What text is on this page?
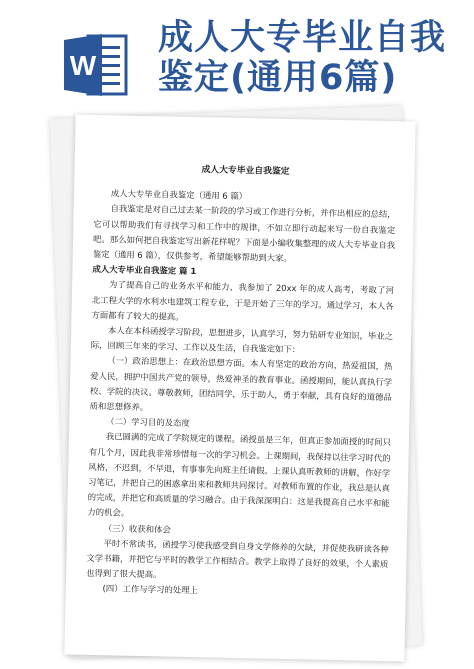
W
成人大专毕业自我
鉴定(通用6篇)
成人大专毕业自我鉴定

成人大专毕业自我鉴定（通用 6 篇）

自我鉴定是对自己过去某一阶段的学习或工作进行分析，并作出相应的总结，它可以帮助我们有寻找学习和工作中的规律，不如立即行动起来写一份自我鉴定吧。那么如何把自我鉴定写出新花样呢？下面是小编收集整理的成人大专毕业自我鉴定（通用 6 篇），仅供参考，希望能够帮助到大家。

成人大专毕业自我鉴定 篇 1

为了提高自己的业务水平和能力，我参加了 20xx 年的成人高考，考取了河北工程大学的水利水电建筑工程专业，于是开始了三年的学习。通过学习，本人各方面都有了较大的提高。

本人在本科函授学习阶段，思想进步，认真学习，努力钻研专业知识，毕业之际，回顾三年来的学习、工作以及生活，自我鉴定如下：

（一）政治思想上：在政治思想方面。本人有坚定的政治方向，热爱祖国，热爱人民，拥护中国共产党的领导，热爱神圣的教育事业。函授期间，能认真执行学校、学院的决议。尊敬教师，团结同学，乐于助人，勇于奉献，具有良好的道德品质和思想修养。

（二）学习目的及态度

我已圆满的完成了学院规定的课程。函授虽是三年，但真正参加面授的时间只有几个月，因此我非常珍惜每一次的学习机会。上课期间，我保持以往学习时代的风格，不迟到，不早退，有事事先向班主任请假。上课认真听教师的讲解，作好学习笔记，并把自己的困惑拿出来和教师共同探讨。对教师布置的作业，我总是认真的完成，并把它和高质量的学习融合。由于我深深明白：这是我提高自己水平和能力的机会。

（三）收获和体会

平时不常读书，函授学习使我感受到自身文学修养的欠缺，并促使我研读各种文学书籍，并把它与平时的教学工作相结合。教学上取得了良好的效果，个人素质也得到了很大提高。

(四）工作与学习的处理上
